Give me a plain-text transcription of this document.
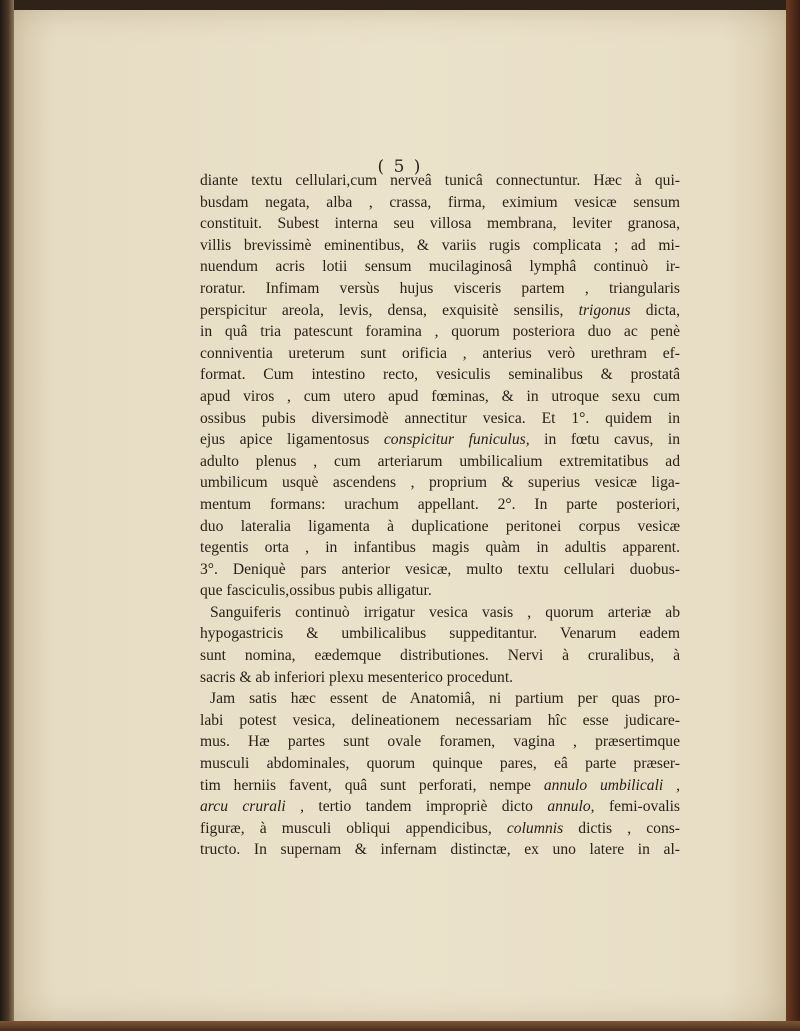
( 5 )
diante textu cellulari,cum nerveâ tunicâ connectuntur. Hæc à qui-
busdam negata, alba , crassa, firma, eximium vesicæ sensum
constituit. Subest interna seu villosa membrana, leviter granosa,
villis brevissimè eminentibus, & variis rugis complicata ; ad mi-
nuendum acris lotii sensum mucilaginosâ lymphâ continuò ir-
roratur. Infimam versùs hujus visceris partem , triangularis
perspicitur areola, levis, densa, exquisitè sensilis, trigonus dicta,
in quâ tria patescunt foramina , quorum posteriora duo ac penè
conniventia ureterum sunt orificia , anterius verò urethram ef-
format. Cum intestino recto, vesiculis seminalibus & prostatâ
apud viros , cum utero apud fœminas, & in utroque sexu cum
ossibus pubis diversimodè annectitur vesica. Et 1°. quidem in
ejus apice ligamentosus conspicitur funiculus, in fœtu cavus, in
adulto plenus , cum arteriarum umbilicalium extremitatibus ad
umbilicum usquè ascendens , proprium & superius vesicæ liga-
mentum formans: urachum appellant. 2°. In parte posteriori,
duo lateralia ligamenta à duplicatione peritonei corpus vesicæ
tegentis orta , in infantibus magis quàm in adultis apparent.
3°. Deniquè pars anterior vesicæ, multo textu cellulari duobus-
que fasciculis,ossibus pubis alligatur.
Sanguiferis continuò irrigatur vesica vasis , quorum arteriæ ab
hypogastricis & umbilicalibus suppeditantur. Venarum eadem
sunt nomina, eædemque distributiones. Nervi à cruralibus, à
sacris & ab inferiori plexu mesenterico procedunt.
Jam satis hæc essent de Anatomiâ, ni partium per quas pro-
labi potest vesica, delineationem necessariam hîc esse judicare-
mus. Hæ partes sunt ovale foramen, vagina , præsertimque
musculi abdominales, quorum quinque pares, eâ parte præser-
tim herniis favent, quâ sunt perforati, nempe annulo umbilicali ,
arcu crurali , tertio tandem impropriè dicto annulo, femi-ovalis
figuræ, à musculi obliqui appendicibus, columnis dictis , cons-
tructo. In supernam & infernam distinctæ, ex uno latere in al-
